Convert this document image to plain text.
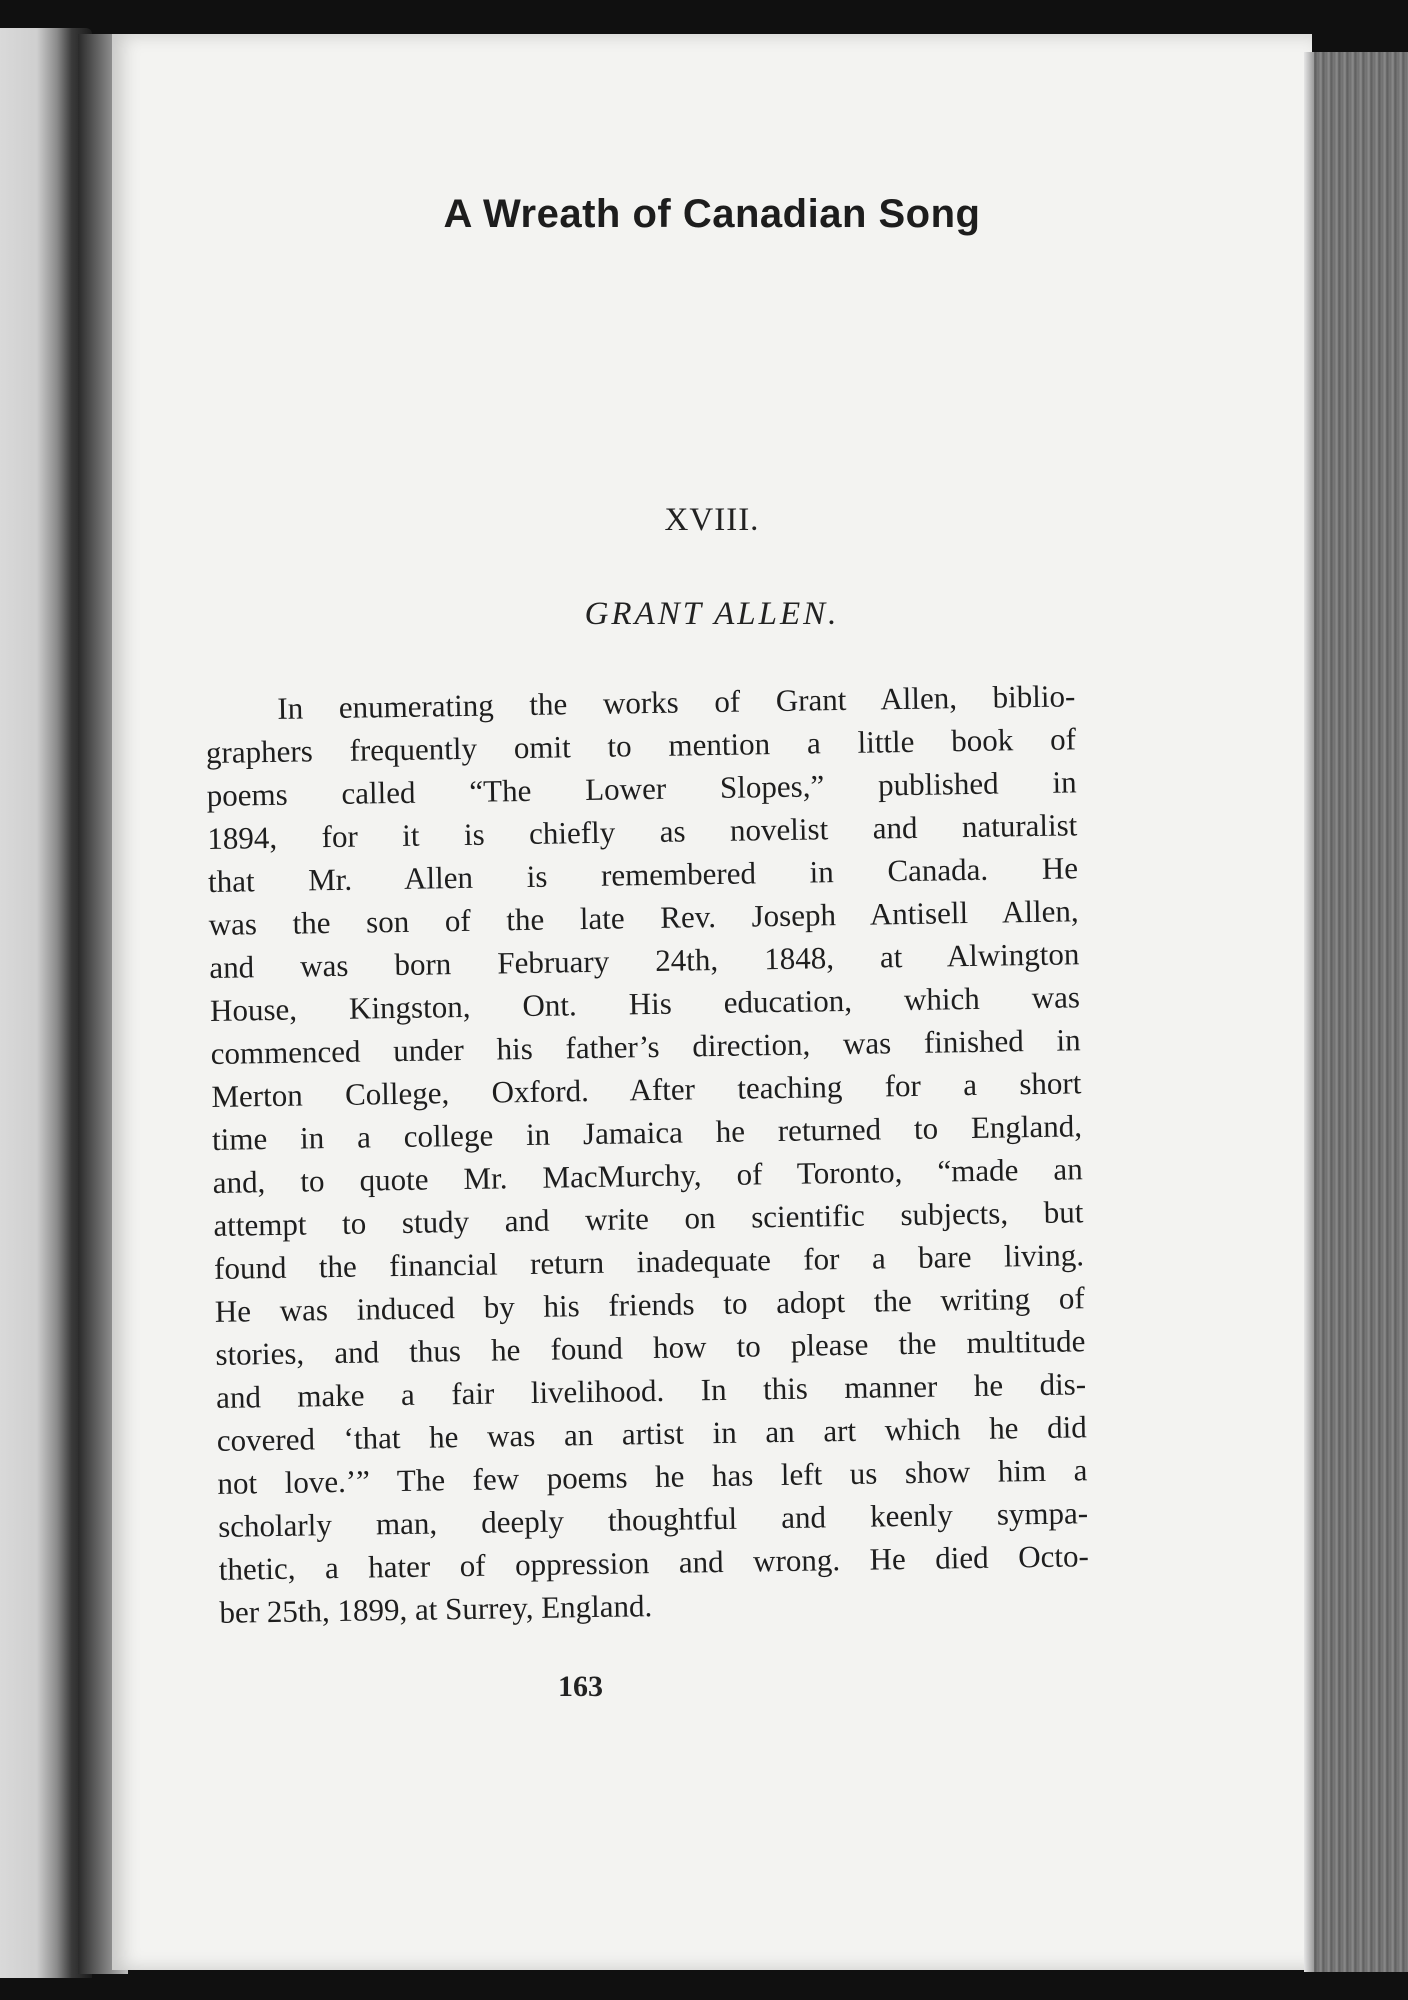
A Wreath of Canadian Song
XVIII.
GRANT ALLEN.
In enumerating the works of Grant Allen, biblio-
graphers frequently omit to mention a little book of
poems called “The Lower Slopes,” published in
1894, for it is chiefly as novelist and naturalist
that Mr. Allen is remembered in Canada. He
was the son of the late Rev. Joseph Antisell Allen,
and was born February 24th, 1848, at Alwington
House, Kingston, Ont. His education, which was
commenced under his father’s direction, was finished in
Merton College, Oxford. After teaching for a short
time in a college in Jamaica he returned to England,
and, to quote Mr. MacMurchy, of Toronto, “made an
attempt to study and write on scientific subjects, but
found the financial return inadequate for a bare living.
He was induced by his friends to adopt the writing of
stories, and thus he found how to please the multitude
and make a fair livelihood. In this manner he dis-
covered ‘that he was an artist in an art which he did
not love.’” The few poems he has left us show him a
scholarly man, deeply thoughtful and keenly sympa-
thetic, a hater of oppression and wrong. He died Octo-
ber 25th, 1899, at Surrey, England.
163
